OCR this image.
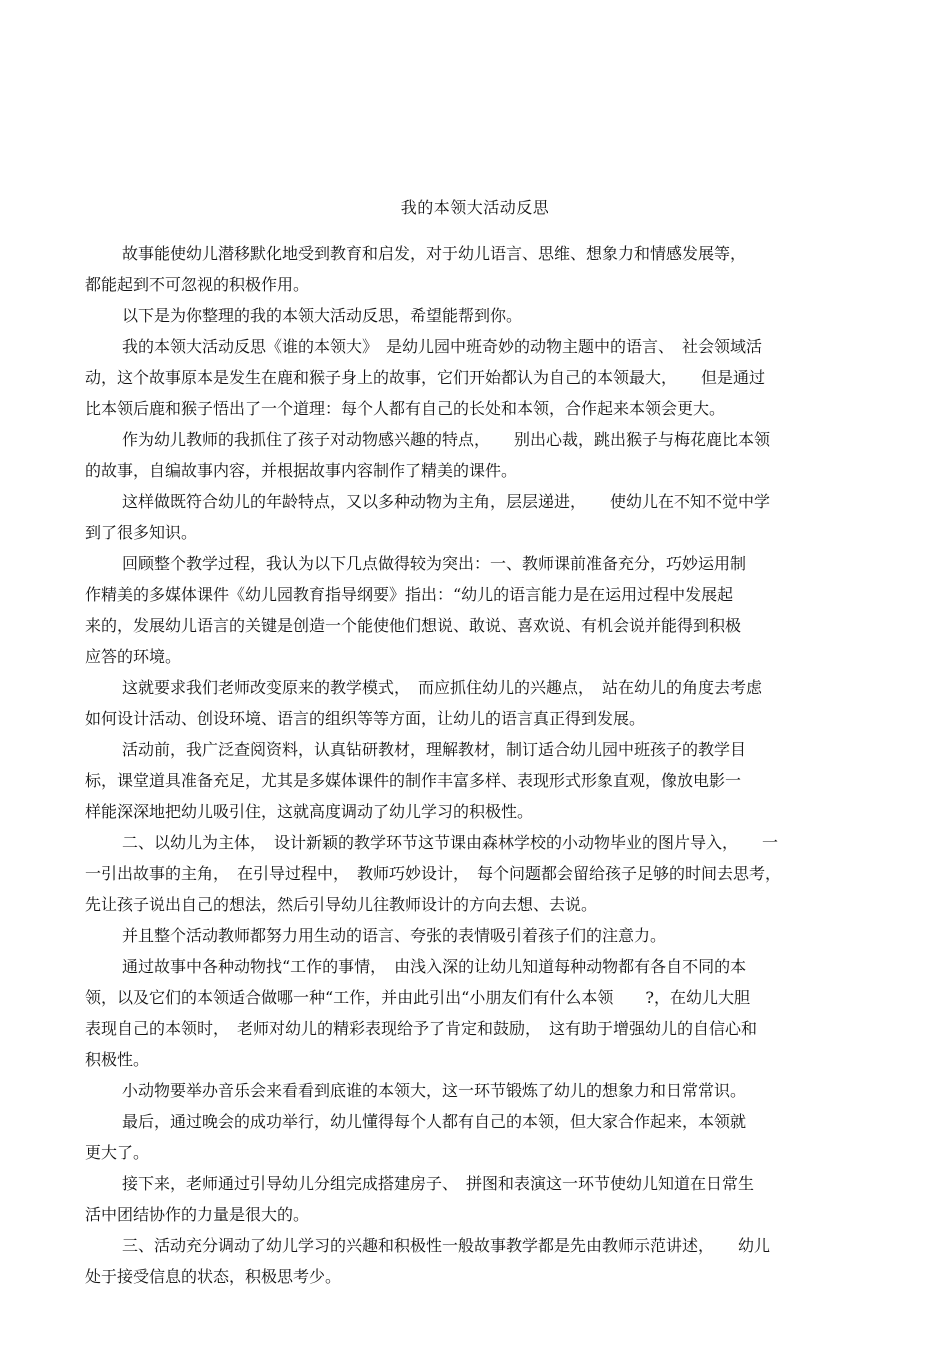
我的本领大活动反思
故事能使幼儿潜移默化地受到教育和启发，对于幼儿语言、思维、想象力和情感发展等，
都能起到不可忽视的积极作用。
以下是为你整理的我的本领大活动反思，希望能帮到你。
我的本领大活动反思《谁的本领大》　是幼儿园中班奇妙的动物主题中的语言、　社会领域活
动，这个故事原本是发生在鹿和猴子身上的故事，它们开始都认为自己的本领最大，　　但是通过
比本领后鹿和猴子悟出了一个道理：每个人都有自己的长处和本领，合作起来本领会更大。
作为幼儿教师的我抓住了孩子对动物感兴趣的特点，　　别出心裁，跳出猴子与梅花鹿比本领
的故事，自编故事内容，并根据故事内容制作了精美的课件。
这样做既符合幼儿的年龄特点，又以多种动物为主角，层层递进，　　使幼儿在不知不觉中学
到了很多知识。
回顾整个教学过程，我认为以下几点做得较为突出：一、教师课前准备充分，巧妙运用制
作精美的多媒体课件《幼儿园教育指导纲要》指出：“幼儿的语言能力是在运用过程中发展起
来的，发展幼儿语言的关键是创造一个能使他们想说、敢说、喜欢说、有机会说并能得到积极
应答的环境。
这就要求我们老师改变原来的教学模式，　而应抓住幼儿的兴趣点，　站在幼儿的角度去考虑
如何设计活动、创设环境、语言的组织等等方面，让幼儿的语言真正得到发展。
活动前，我广泛查阅资料，认真钻研教材，理解教材，制订适合幼儿园中班孩子的教学目
标，课堂道具准备充足，尤其是多媒体课件的制作丰富多样、表现形式形象直观，像放电影一
样能深深地把幼儿吸引住，这就高度调动了幼儿学习的积极性。
二、以幼儿为主体，　设计新颖的教学环节这节课由森林学校的小动物毕业的图片导入，　　一
一引出故事的主角，　在引导过程中，　教师巧妙设计，　每个问题都会留给孩子足够的时间去思考，
先让孩子说出自己的想法，然后引导幼儿往教师设计的方向去想、去说。
并且整个活动教师都努力用生动的语言、夸张的表情吸引着孩子们的注意力。
通过故事中各种动物找“工作的事情，　由浅入深的让幼儿知道每种动物都有各自不同的本
领，以及它们的本领适合做哪一种“工作，并由此引出“小朋友们有什么本领　　?，在幼儿大胆
表现自己的本领时，　老师对幼儿的精彩表现给予了肯定和鼓励，　这有助于增强幼儿的自信心和
积极性。
小动物要举办音乐会来看看到底谁的本领大，这一环节锻炼了幼儿的想象力和日常常识。
最后，通过晚会的成功举行，幼儿懂得每个人都有自己的本领，但大家合作起来，本领就
更大了。
接下来，老师通过引导幼儿分组完成搭建房子、　拼图和表演这一环节使幼儿知道在日常生
活中团结协作的力量是很大的。
三、活动充分调动了幼儿学习的兴趣和积极性一般故事教学都是先由教师示范讲述，　　幼儿
处于接受信息的状态，积极思考少。
